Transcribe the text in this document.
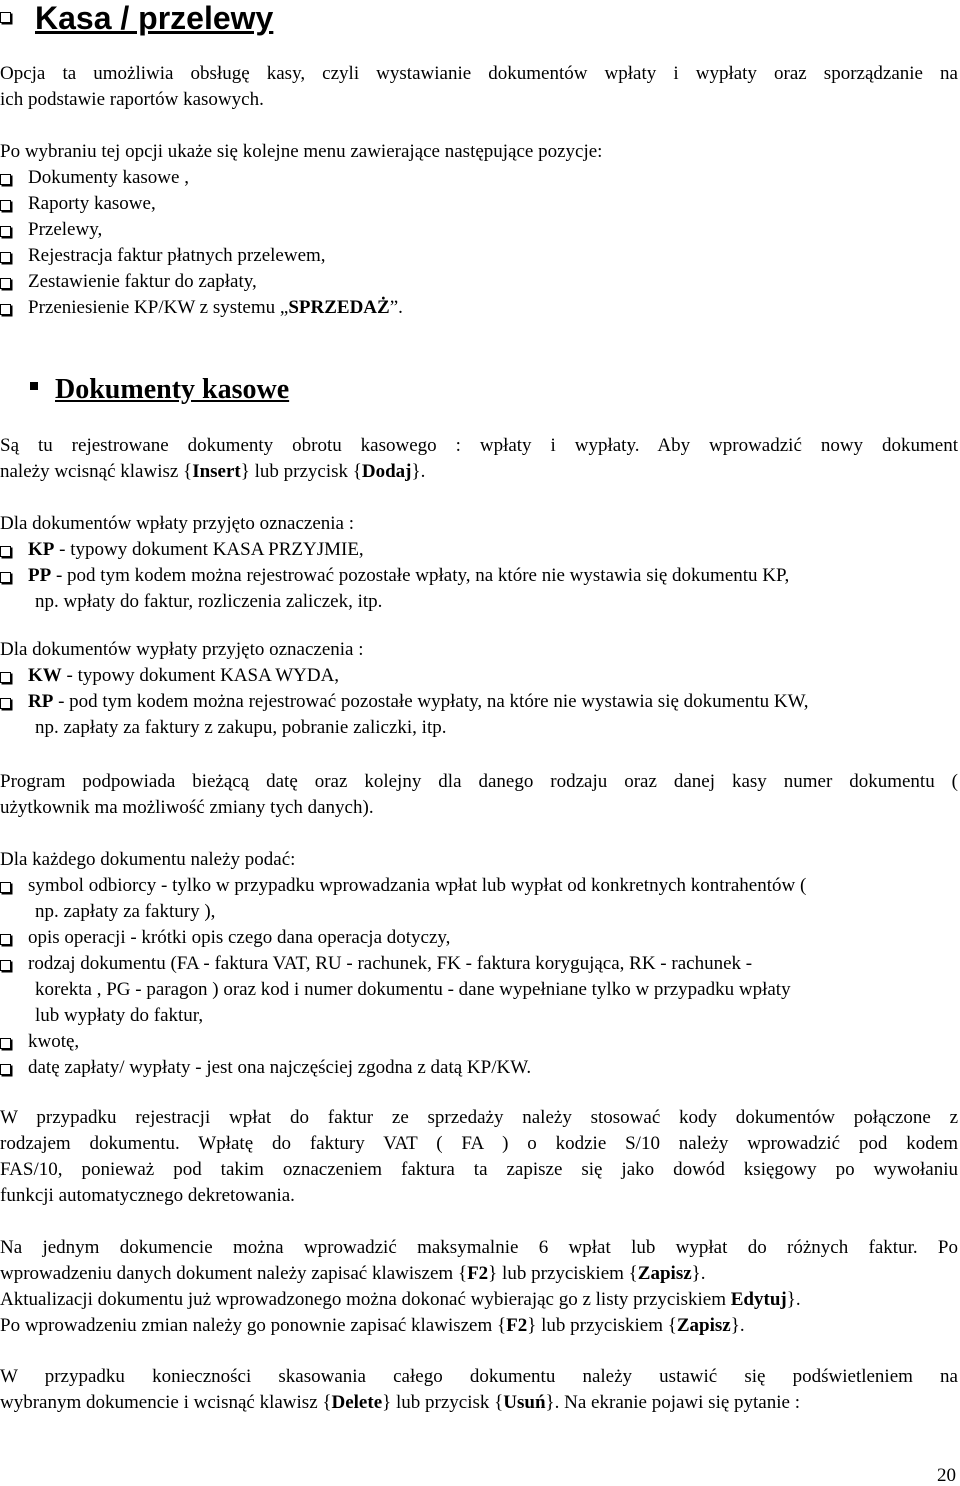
Kasa / przelewy
Opcja ta umożliwia obsługę kasy, czyli wystawianie dokumentów wpłaty i wypłaty oraz sporządzanie na
ich podstawie raportów kasowych.
Po wybraniu tej opcji ukaże się kolejne menu zawierające następujące pozycje:
Dokumenty kasowe ,
Raporty kasowe,
Przelewy,
Rejestracja faktur płatnych przelewem,
Zestawienie faktur do zapłaty,
Przeniesienie KP/KW z systemu „SPRZEDAŻ”.
Dokumenty kasowe
Są tu rejestrowane dokumenty obrotu kasowego : wpłaty i wypłaty. Aby wprowadzić nowy dokument
należy wcisnąć klawisz {Insert} lub przycisk {Dodaj}.
Dla dokumentów wpłaty przyjęto oznaczenia :
KP - typowy dokument KASA PRZYJMIE,
PP - pod tym kodem można rejestrować pozostałe wpłaty, na które nie wystawia się dokumentu KP,
np. wpłaty do faktur, rozliczenia zaliczek, itp.
Dla dokumentów wypłaty przyjęto oznaczenia :
KW - typowy dokument KASA WYDA,
RP - pod tym kodem można rejestrować pozostałe wypłaty, na które nie wystawia się dokumentu KW,
np. zapłaty za faktury z zakupu, pobranie zaliczki, itp.
Program podpowiada bieżącą datę oraz kolejny dla danego rodzaju oraz danej kasy numer dokumentu (
użytkownik ma możliwość zmiany tych danych).
Dla każdego dokumentu należy podać:
symbol odbiorcy - tylko w przypadku wprowadzania wpłat lub wypłat od konkretnych kontrahentów (
np. zapłaty za faktury ),
opis operacji - krótki opis czego dana operacja dotyczy,
rodzaj dokumentu (FA - faktura VAT, RU - rachunek, FK - faktura korygująca, RK - rachunek -
korekta , PG - paragon ) oraz kod i numer dokumentu - dane wypełniane tylko w przypadku wpłaty
lub wypłaty do faktur,
kwotę,
datę zapłaty/ wypłaty - jest ona najczęściej zgodna z datą KP/KW.
W przypadku rejestracji wpłat do faktur ze sprzedaży należy stosować kody dokumentów połączone z
rodzajem dokumentu. Wpłatę do faktury VAT ( FA ) o kodzie S/10 należy wprowadzić pod kodem
FAS/10, ponieważ pod takim oznaczeniem faktura ta zapisze się jako dowód księgowy po wywołaniu
funkcji automatycznego dekretowania.
Na jednym dokumencie można wprowadzić maksymalnie 6 wpłat lub wypłat do różnych faktur. Po
wprowadzeniu danych dokument należy zapisać klawiszem {F2} lub przyciskiem {Zapisz}.
Aktualizacji dokumentu już wprowadzonego można dokonać wybierając go z listy przyciskiem Edytuj}.
Po wprowadzeniu zmian należy go ponownie zapisać klawiszem {F2} lub przyciskiem {Zapisz}.
W przypadku konieczności skasowania całego dokumentu należy ustawić się podświetleniem na
wybranym dokumencie i wcisnąć klawisz {Delete} lub przycisk {Usuń}. Na ekranie pojawi się pytanie :
20
